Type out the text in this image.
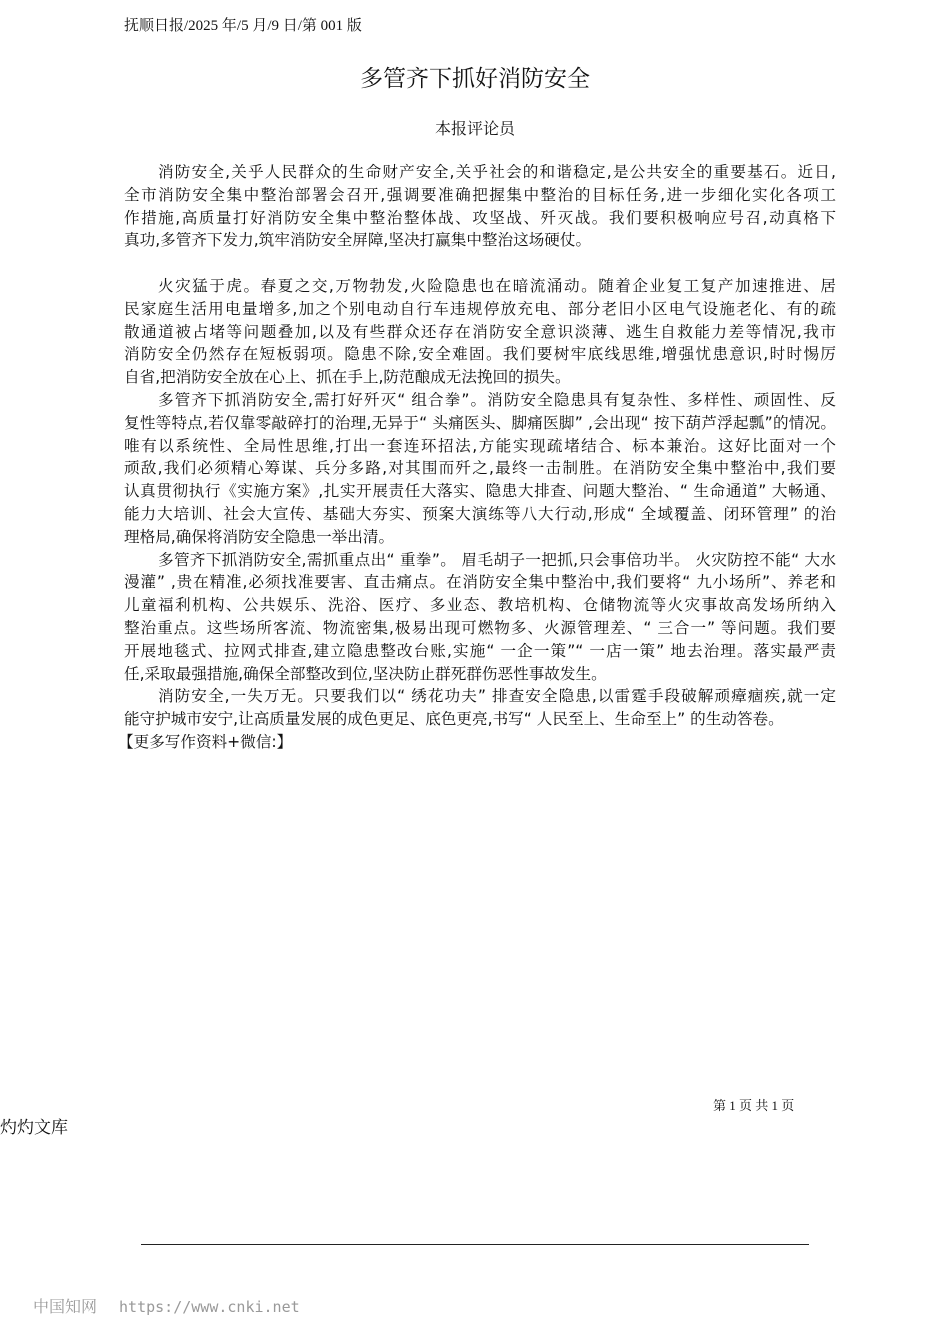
抚顺日报/2025 年/5 月/9 日/第 001 版
多管齐下抓好消防安全
本报评论员
消防安全,关乎人民群众的生命财产安全,关乎社会的和谐稳定,是公共安全的重要基石。近日,
全市消防安全集中整治部署会召开,强调要准确把握集中整治的目标任务,进一步细化实化各项工
作措施,高质量打好消防安全集中整治整体战、攻坚战、歼灭战。我们要积极响应号召,动真格下
真功,多管齐下发力,筑牢消防安全屏障,坚决打赢集中整治这场硬仗。
火灾猛于虎。春夏之交,万物勃发,火险隐患也在暗流涌动。随着企业复工复产加速推进、居
民家庭生活用电量增多,加之个别电动自行车违规停放充电、部分老旧小区电气设施老化、有的疏
散通道被占堵等问题叠加,以及有些群众还存在消防安全意识淡薄、逃生自救能力差等情况,我市
消防安全仍然存在短板弱项。隐患不除,安全难固。我们要树牢底线思维,增强忧患意识,时时惕厉
自省,把消防安全放在心上、抓在手上,防范酿成无法挽回的损失。
多管齐下抓消防安全,需打好歼灭“ 组合拳”。消防安全隐患具有复杂性、多样性、顽固性、反
复性等特点,若仅靠零敲碎打的治理,无异于“ 头痛医头、脚痛医脚” ,会出现“ 按下葫芦浮起瓢”的情况。
唯有以系统性、全局性思维,打出一套连环招法,方能实现疏堵结合、标本兼治。这好比面对一个
顽敌,我们必须精心筹谋、兵分多路,对其围而歼之,最终一击制胜。在消防安全集中整治中,我们要
认真贯彻执行《实施方案》,扎实开展责任大落实、隐患大排查、问题大整治、“ 生命通道” 大畅通、
能力大培训、社会大宣传、基础大夯实、预案大演练等八大行动,形成“ 全域覆盖、闭环管理” 的治
理格局,确保将消防安全隐患一举出清。
多管齐下抓消防安全,需抓重点出“ 重拳”。 眉毛胡子一把抓,只会事倍功半。 火灾防控不能“ 大水
漫灌” ,贵在精准,必须找准要害、直击痛点。在消防安全集中整治中,我们要将“ 九小场所”、养老和
儿童福利机构、公共娱乐、洗浴、医疗、多业态、教培机构、仓储物流等火灾事故高发场所纳入
整治重点。这些场所客流、物流密集,极易出现可燃物多、火源管理差、“ 三合一” 等问题。我们要
开展地毯式、拉网式排查,建立隐患整改台账,实施“ 一企一策”“ 一店一策” 地去治理。落实最严责
任,采取最强措施,确保全部整改到位,坚决防止群死群伤恶性事故发生。
消防安全,一失万无。只要我们以“ 绣花功夫” 排查安全隐患,以雷霆手段破解顽瘴痼疾,就一定
能守护城市安宁,让高质量发展的成色更足、底色更亮,书写“ 人民至上、生命至上” 的生动答卷。
【更多写作资料+微信:】
第 1 页 共 1 页
灼灼文库
中国知网 https://www.cnki.net
